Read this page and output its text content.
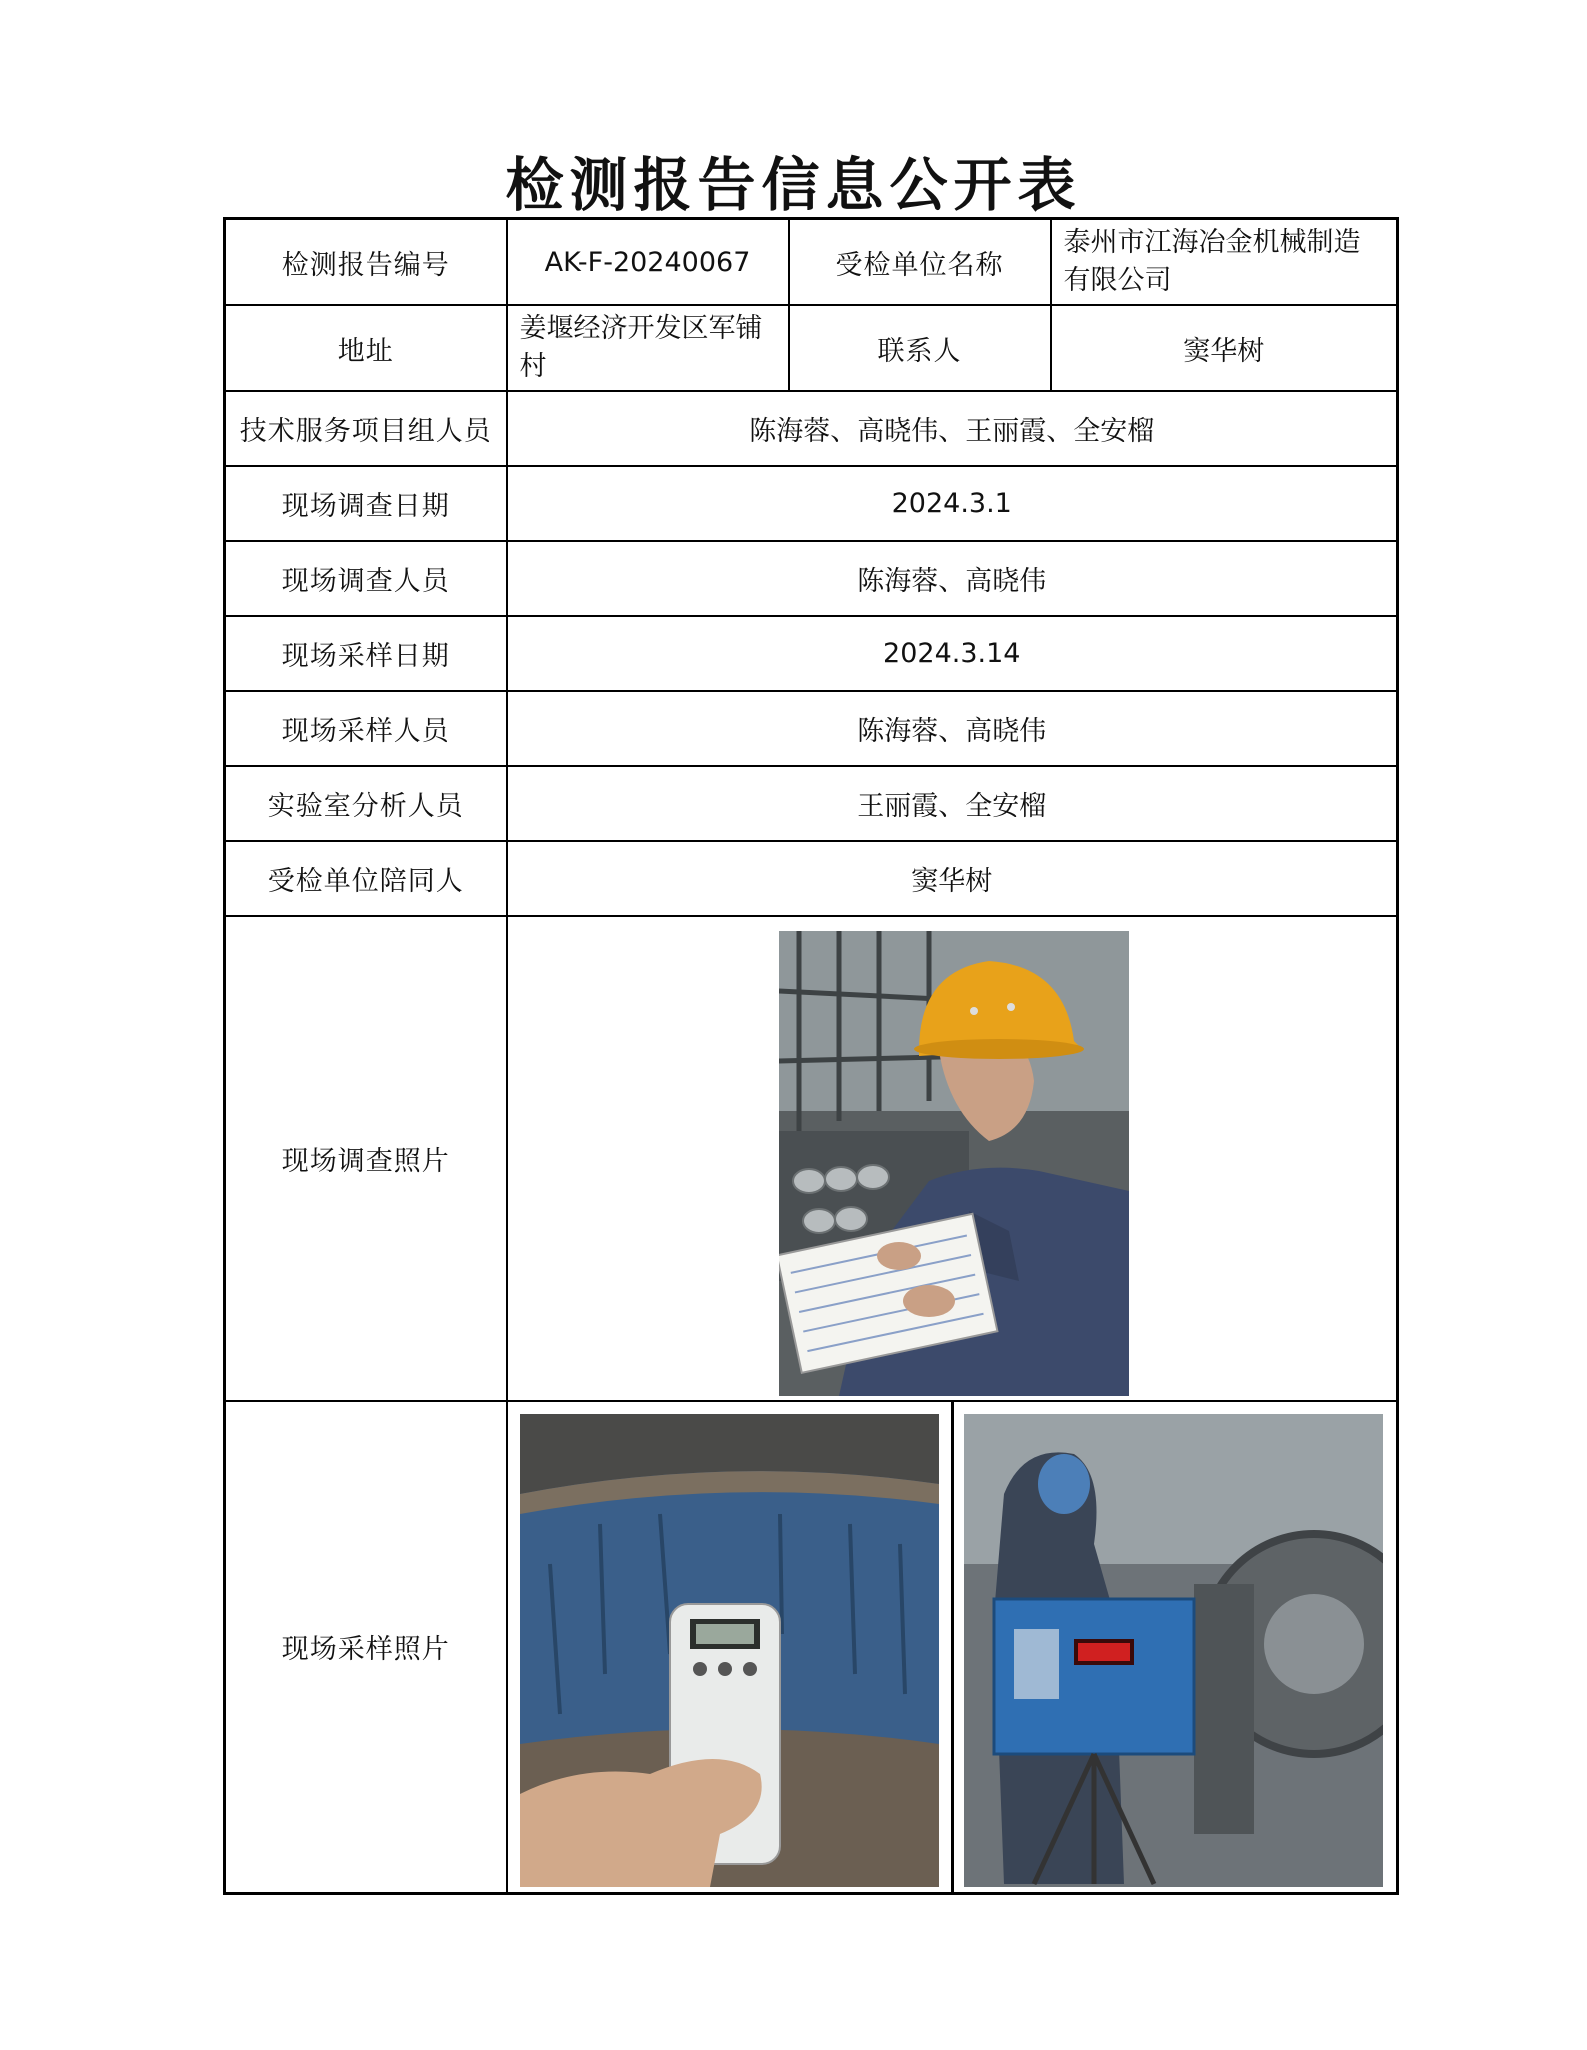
检测报告信息公开表
检测报告编号	AK-F-20240067	受检单位名称	泰州市江海冶金机械制造有限公司
地址	姜堰经济开发区军铺村	联系人	窦华树
技术服务项目组人员	陈海蓉、高晓伟、王丽霞、全安榴		
现场调查日期	2024.3.1		
现场调查人员	陈海蓉、高晓伟		
现场采样日期	2024.3.14		
现场采样人员	陈海蓉、高晓伟		
实验室分析人员	王丽霞、全安榴		
受检单位陪同人	窦华树		
现场调查照片	

现场采样照片	
